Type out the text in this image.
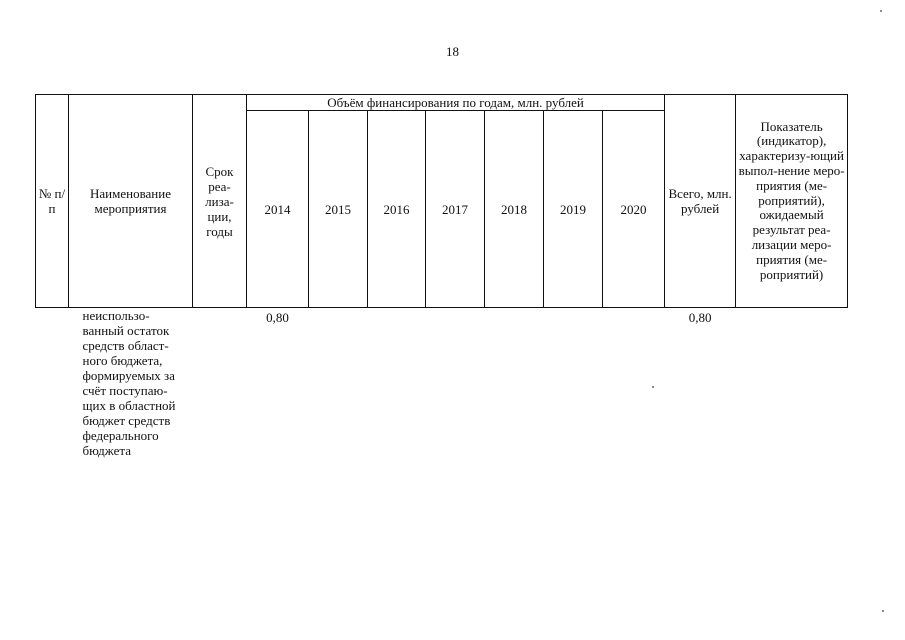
18
№ п/п	Наименование мероприятия	Срок реа-лиза-ции, годы	Объём финансирования по годам, млн. рублей							Всего, млн. рублей	Показатель (индикатор), характеризу-ющий выпол-нение меро-приятия (ме-роприятий), ожидаемый результат реа-лизации меро-приятия (ме-роприятий)
			2014	2015	2016	2017	2018	2019	2020		
	неиспользо-ванный остаток средств област-ного бюджета, формируемых за счёт поступаю-щих в областной бюджет средств федерального бюджета		0,80							0,80	
